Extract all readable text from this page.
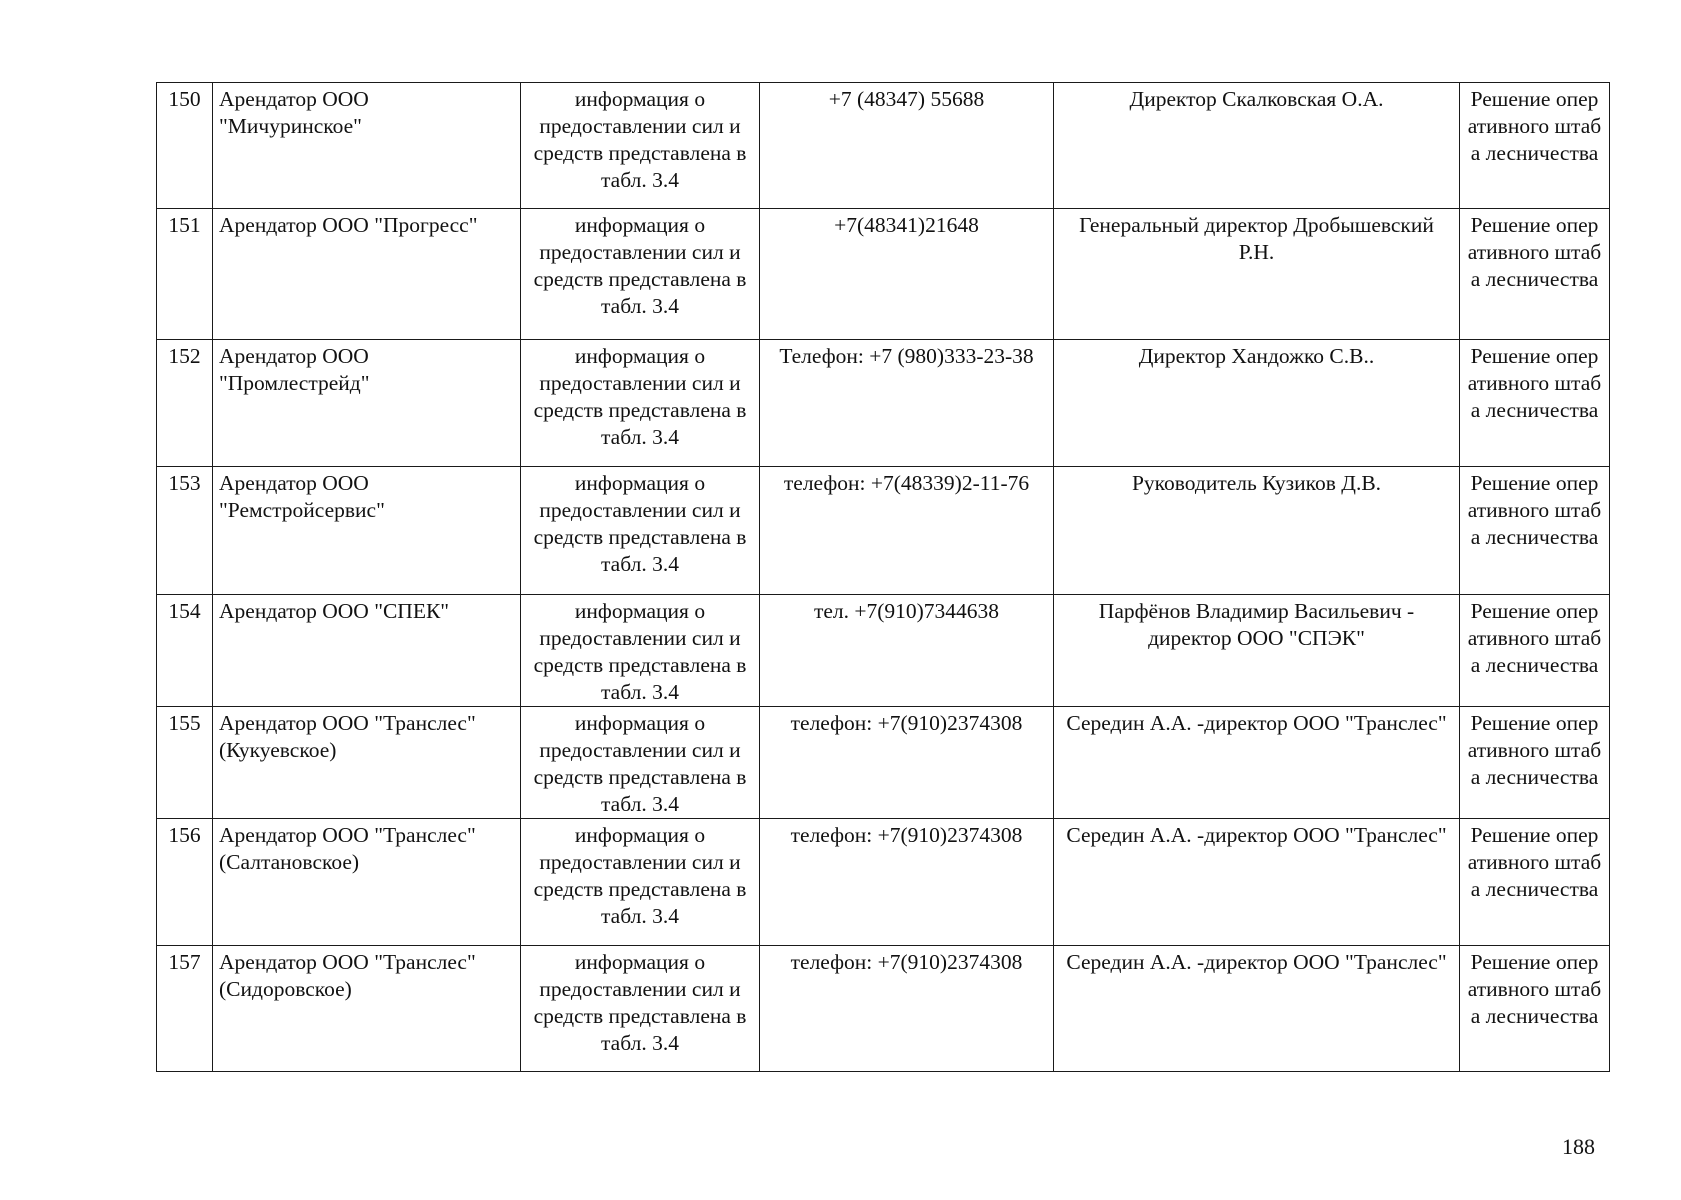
150	Арендатор ООО "Мичуринское"	информация о предоставлении сил и средств представлена в табл. 3.4	+7 (48347) 55688	Директор Скалковская О.А.	Решение оперативного штаба лесничества
151	Арендатор ООО "Прогресс"	информация о предоставлении сил и средств представлена в табл. 3.4	+7(48341)21648	Генеральный директор Дробышевский Р.Н.	Решение оперативного штаба лесничества
152	Арендатор ООО "Промлестрейд"	информация о предоставлении сил и средств представлена в табл. 3.4	Телефон: +7 (980)333-23-38	Директор Хандожко С.В..	Решение оперативного штаба лесничества
153	Арендатор ООО "Ремстройсервис"	информация о предоставлении сил и средств представлена в табл. 3.4	телефон: +7(48339)2-11-76	Руководитель Кузиков Д.В.	Решение оперативного штаба лесничества
154	Арендатор ООО "СПЕК"	информация о предоставлении сил и средств представлена в табл. 3.4	тел. +7(910)7344638	Парфёнов Владимир Васильевич - директор ООО "СПЭК"	Решение оперативного штаба лесничества
155	Арендатор ООО "Транслес" (Кукуевское)	информация о предоставлении сил и средств представлена в табл. 3.4	телефон: +7(910)2374308	Середин А.А. -директор ООО "Транслес"	Решение оперативного штаба лесничества
156	Арендатор ООО "Транслес" (Салтановское)	информация о предоставлении сил и средств представлена в табл. 3.4	телефон: +7(910)2374308	Середин А.А. -директор ООО "Транслес"	Решение оперативного штаба лесничества
157	Арендатор ООО "Транслес" (Сидоровское)	информация о предоставлении сил и средств представлена в табл. 3.4	телефон: +7(910)2374308	Середин А.А. -директор ООО "Транслес"	Решение оперативного штаба лесничества
188
